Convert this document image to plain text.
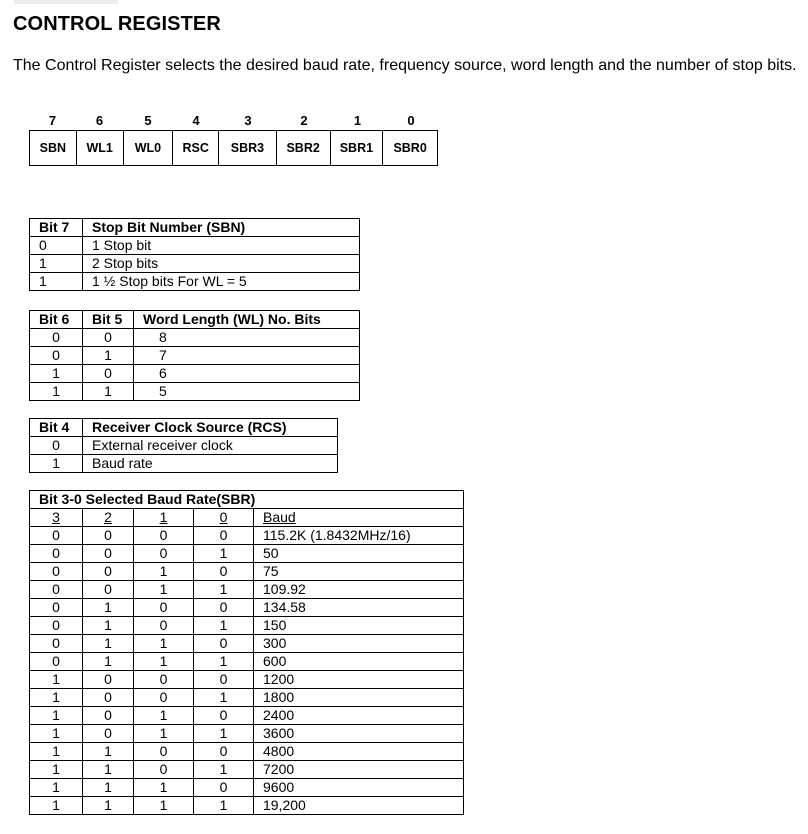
CONTROL REGISTER

The Control Register selects the desired baud rate, frequency source, word length and the number of stop bits.

7	6	5	4	3	2	1	0
SBN	WL1	WL0	RSC	SBR3	SBR2	SBR1	SBR0
Bit 7	Stop Bit Number (SBN)
0	1 Stop bit
1	2 Stop bits
1	1 ½ Stop bits For WL = 5
Bit 6	Bit 5	Word Length (WL) No. Bits
0	0	8
0	1	7
1	0	6
1	1	5
Bit 4	Receiver Clock Source (RCS)
0	External receiver clock
1	Baud rate
Bit 3-0 Selected Baud Rate(SBR)				
3	2	1	0	Baud
0	0	0	0	115.2K (1.8432MHz/16)
0	0	0	1	50
0	0	1	0	75
0	0	1	1	109.92
0	1	0	0	134.58
0	1	0	1	150
0	1	1	0	300
0	1	1	1	600
1	0	0	0	1200
1	0	0	1	1800
1	0	1	0	2400
1	0	1	1	3600
1	1	0	0	4800
1	1	0	1	7200
1	1	1	0	9600
1	1	1	1	19,200
